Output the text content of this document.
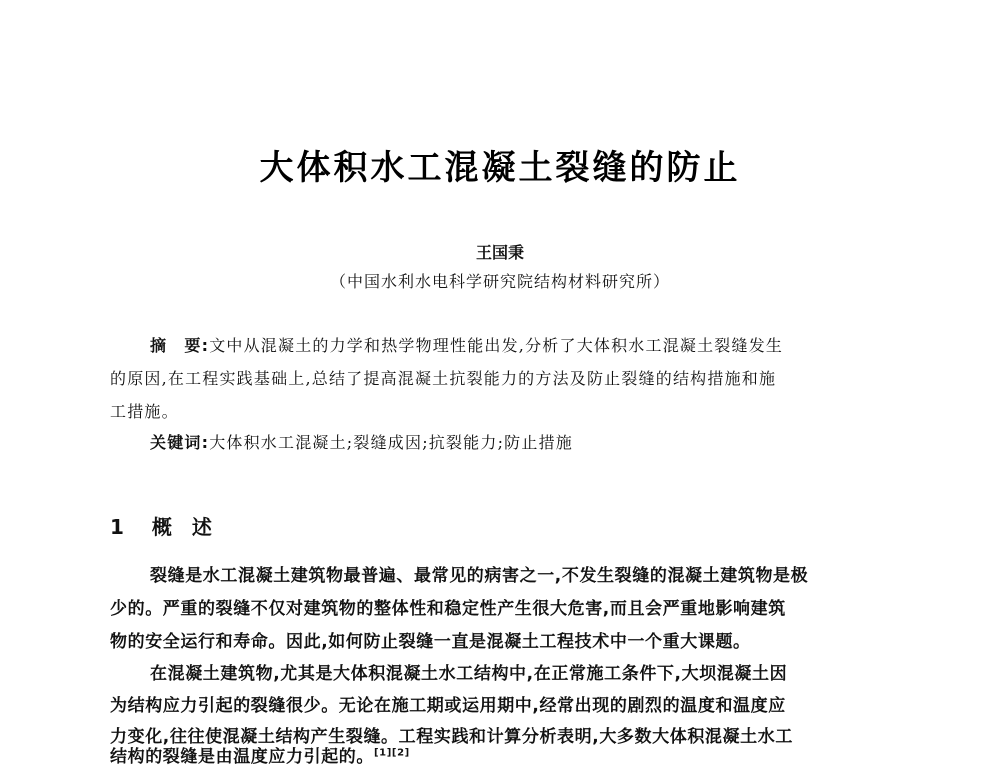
大体积水工混凝土裂缝的防止
王国秉
（中国水利水电科学研究院结构材料研究所）
摘　要:文中从混凝土的力学和热学物理性能出发,分析了大体积水工混凝土裂缝发生
的原因,在工程实践基础上,总结了提高混凝土抗裂能力的方法及防止裂缝的结构措施和施
工措施。
关键词:大体积水工混凝土;裂缝成因;抗裂能力;防止措施
1 概　述
裂缝是水工混凝土建筑物最普遍、最常见的病害之一,不发生裂缝的混凝土建筑物是极
少的。严重的裂缝不仅对建筑物的整体性和稳定性产生很大危害,而且会严重地影响建筑
物的安全运行和寿命。因此,如何防止裂缝一直是混凝土工程技术中一个重大课题。
在混凝土建筑物,尤其是大体积混凝土水工结构中,在正常施工条件下,大坝混凝土因
为结构应力引起的裂缝很少。无论在施工期或运用期中,经常出现的剧烈的温度和温度应
力变化,往往使混凝土结构产生裂缝。工程实践和计算分析表明,大多数大体积混凝土水工
结构的裂缝是由温度应力引起的。[1][2]
